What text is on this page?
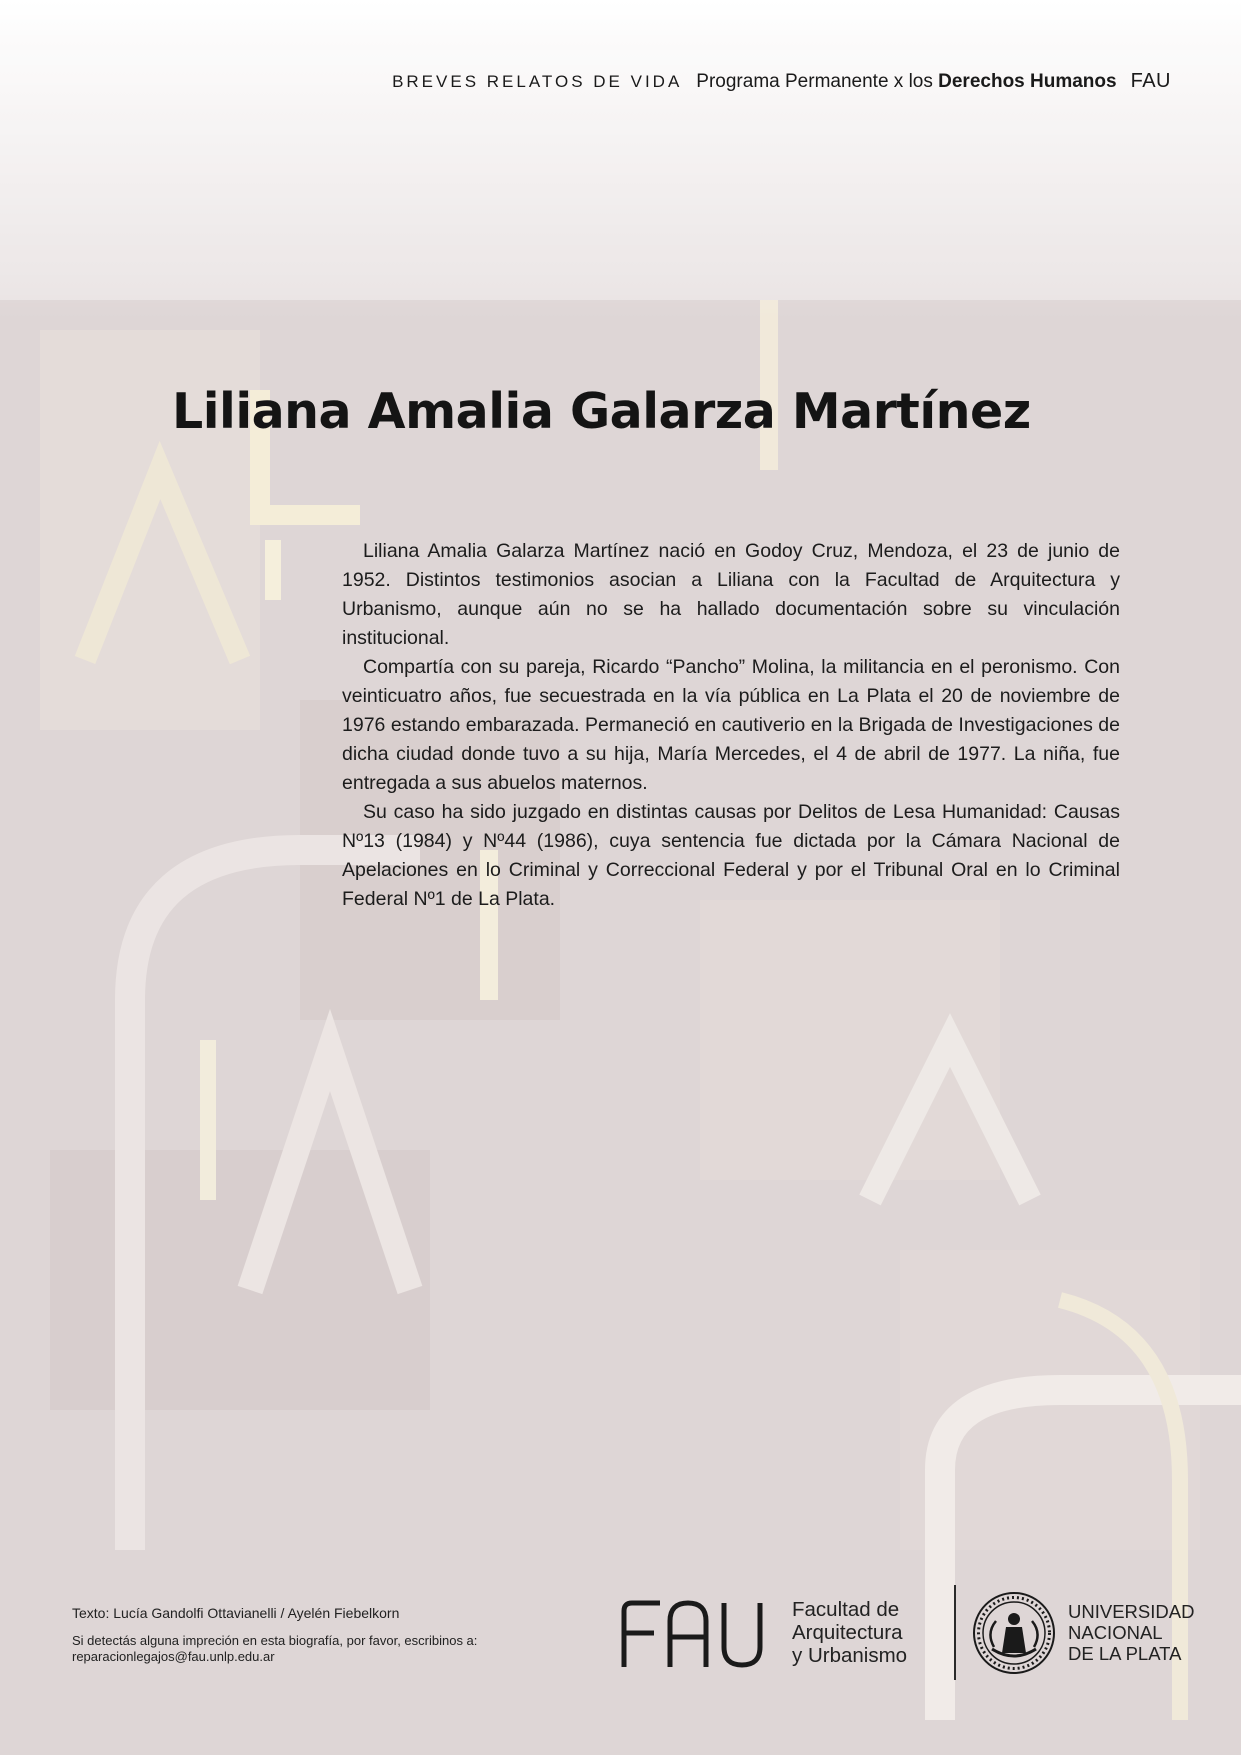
BREVES RELATOS DE VIDA Programa Permanente x los Derechos Humanos FAU
Liliana Amalia Galarza Martínez

Liliana Amalia Galarza Martínez nació en Godoy Cruz, Mendoza, el 23 de junio de 1952. Distintos testimonios asocian a Liliana con la Facultad de Arquitectura y Urbanismo, aunque aún no se ha hallado documentación sobre su vinculación institucional.

Compartía con su pareja, Ricardo “Pancho” Molina, la militancia en el peronismo. Con veinticuatro años, fue secuestrada en la vía pública en La Plata el 20 de noviembre de 1976 estando embarazada. Permaneció en cautiverio en la Brigada de Investigaciones de dicha ciudad donde tuvo a su hija, María Mercedes, el 4 de abril de 1977. La niña, fue entregada a sus abuelos maternos.

Su caso ha sido juzgado en distintas causas por Delitos de Lesa Humanidad: Causas Nº13 (1984) y Nº44 (1986), cuya sentencia fue dictada por la Cámara Nacional de Apelaciones en lo Criminal y Correccional Federal y por el Tribunal Oral en lo Criminal Federal Nº1 de La Plata.

Texto: Lucía Gandolfi Ottavianelli / Ayelén Fiebelkorn
Si detectás alguna impreción en esta biografía, por favor, escribinos a: reparacionlegajos@fau.unlp.edu.ar
Facultad de
Arquitectura
y Urbanismo
UNIVERSIDAD
NACIONAL
DE LA PLATA
